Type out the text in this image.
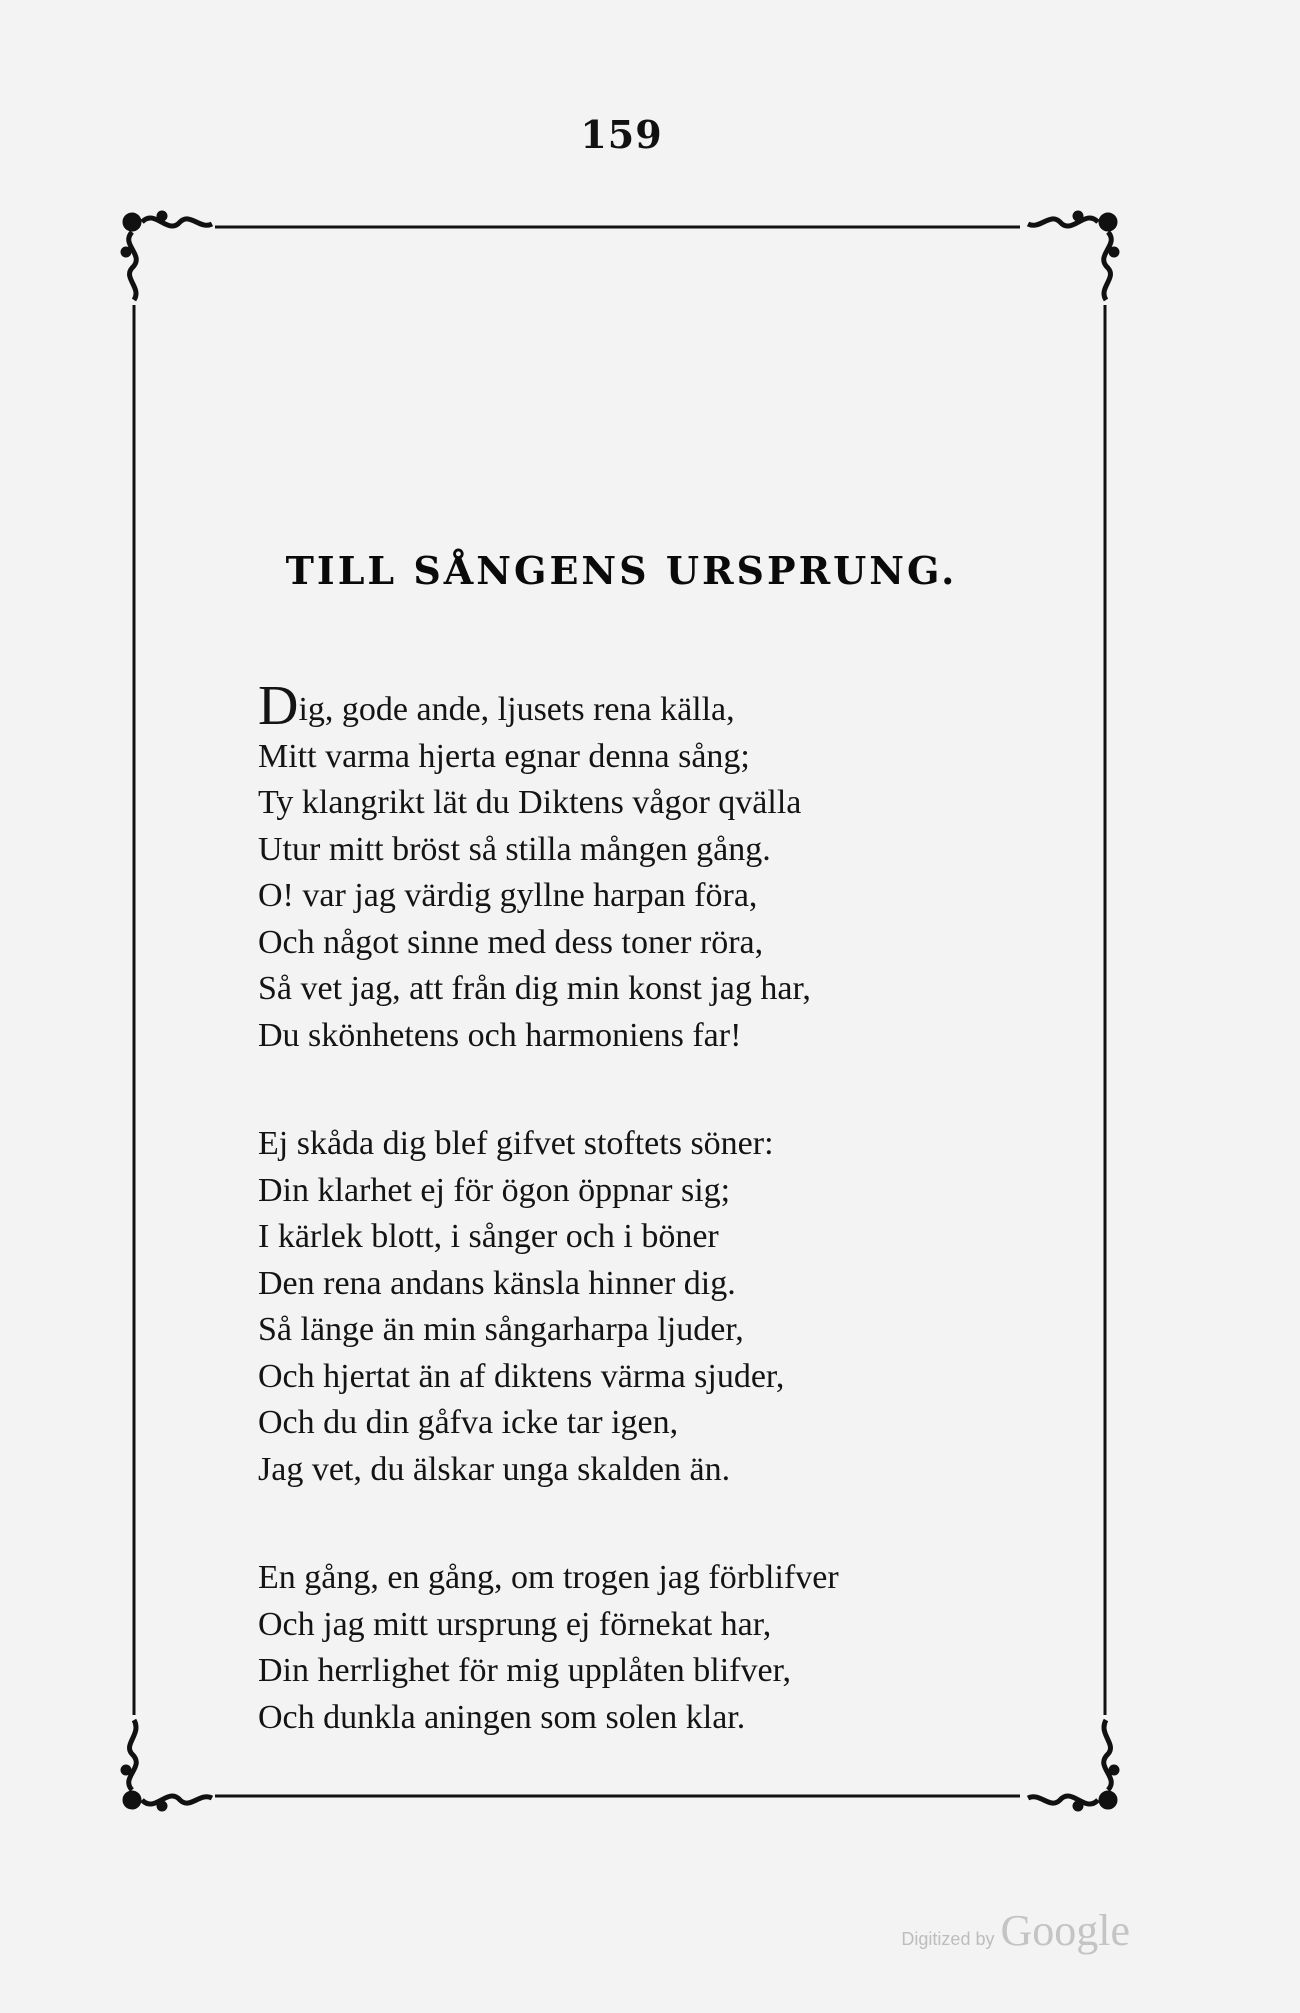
159
TILL SÅNGENS URSPRUNG.
Dig, gode ande, ljusets rena källa,
Mitt varma hjerta egnar denna sång;
Ty klangrikt lät du Diktens vågor qvälla
Utur mitt bröst så stilla mången gång.
O! var jag värdig gyllne harpan föra,
Och något sinne med dess toner röra,
Så vet jag, att från dig min konst jag har,
Du skönhetens och harmoniens far!
Ej skåda dig blef gifvet stoftets söner:
Din klarhet ej för ögon öppnar sig;
I kärlek blott, i sånger och i böner
Den rena andans känsla hinner dig.
Så länge än min sångarharpa ljuder,
Och hjertat än af diktens värma sjuder,
Och du din gåfva icke tar igen,
Jag vet, du älskar unga skalden än.
En gång, en gång, om trogen jag förblifver
Och jag mitt ursprung ej förnekat har,
Din herrlighet för mig upplåten blifver,
Och dunkla aningen som solen klar.
Digitized by Google
